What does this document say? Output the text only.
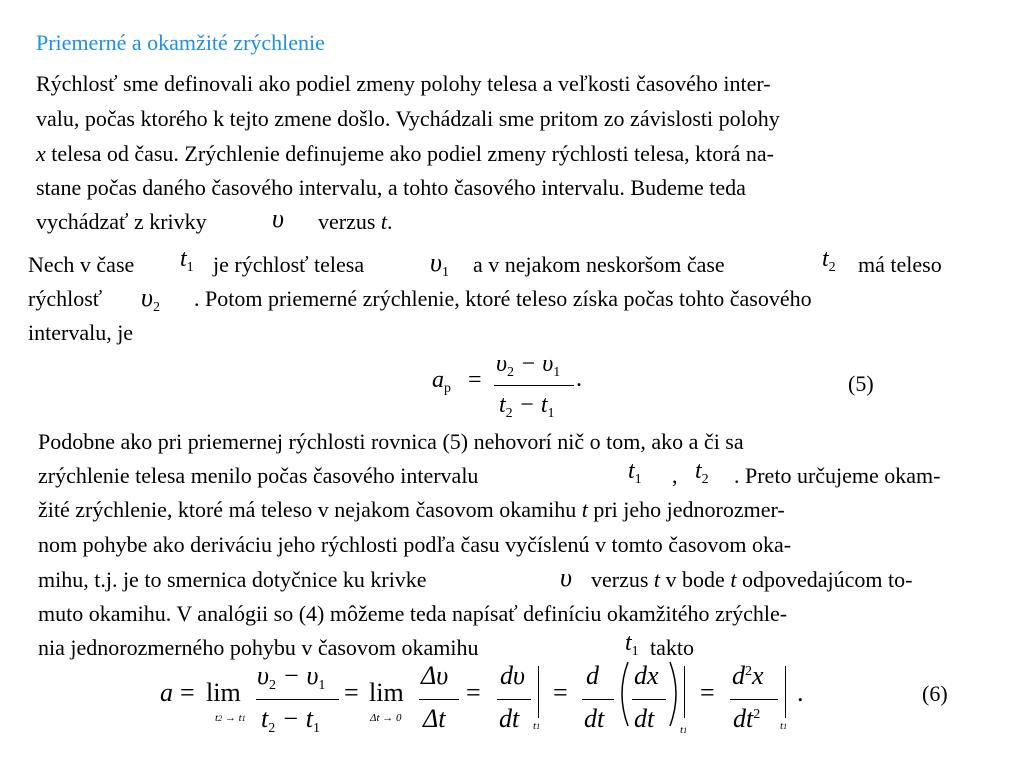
Priemerné a okamžité zrýchlenie
Rýchlosť sme definovali ako podiel zmeny polohy telesa a veľkosti časového inter-
valu, počas ktorého k tejto zmene došlo. Vychádzali sme pritom zo závislosti polohy
x telesa od času. Zrýchlenie definujeme ako podiel zmeny rýchlosti telesa, ktorá na-
stane počas daného časového intervalu, a tohto časového intervalu. Budeme teda
vychádzať z krivky	υ verzus t.
Nech v čase $t_1$ je rýchlosť telesa	υ1 a v nejakom neskoršom čase	$t_2$ má teleso
rýchlosť υ2 . Potom priemerné zrýchlenie, ktoré teleso získa počas tohto časového
intervalu, je
$a_p$ =
$\upsilon_2 - \upsilon_1$
$t_2 - t_1$
.	(5)
Podobne ako pri priemernej rýchlosti rovnica (5) nehovorí nič o tom, ako a či sa
zrýchlenie telesa menilo počas časového intervalu	$t_1$ , $t_2$ . Preto určujeme okam-
žité zrýchlenie, ktoré má teleso v nejakom časovom okamihu t pri jeho jednorozmer-
nom pohybe ako deriváciu jeho rýchlosti podľa času vyčíslenú v tomto časovom oka-
mihu, t.j. je to smernica dotyčnice ku krivke	υ verzus t v bode t odpovedajúcom to-
muto okamihu. V analógii so (4) môžeme teda napísať definíciu okamžitého zrýchle-
nia jednorozmerného pohybu v časovom okamihu	$t_1$ takto
a = lim
t2 → t1
υ2 − υ1
t2 − t1
= lim
Δt → 0
Δυ
Δt
=
dυ
dt t1
=
d
dt
dx
dt t1
=
$d^2x$
$dt^2$
t1
.	(6)
